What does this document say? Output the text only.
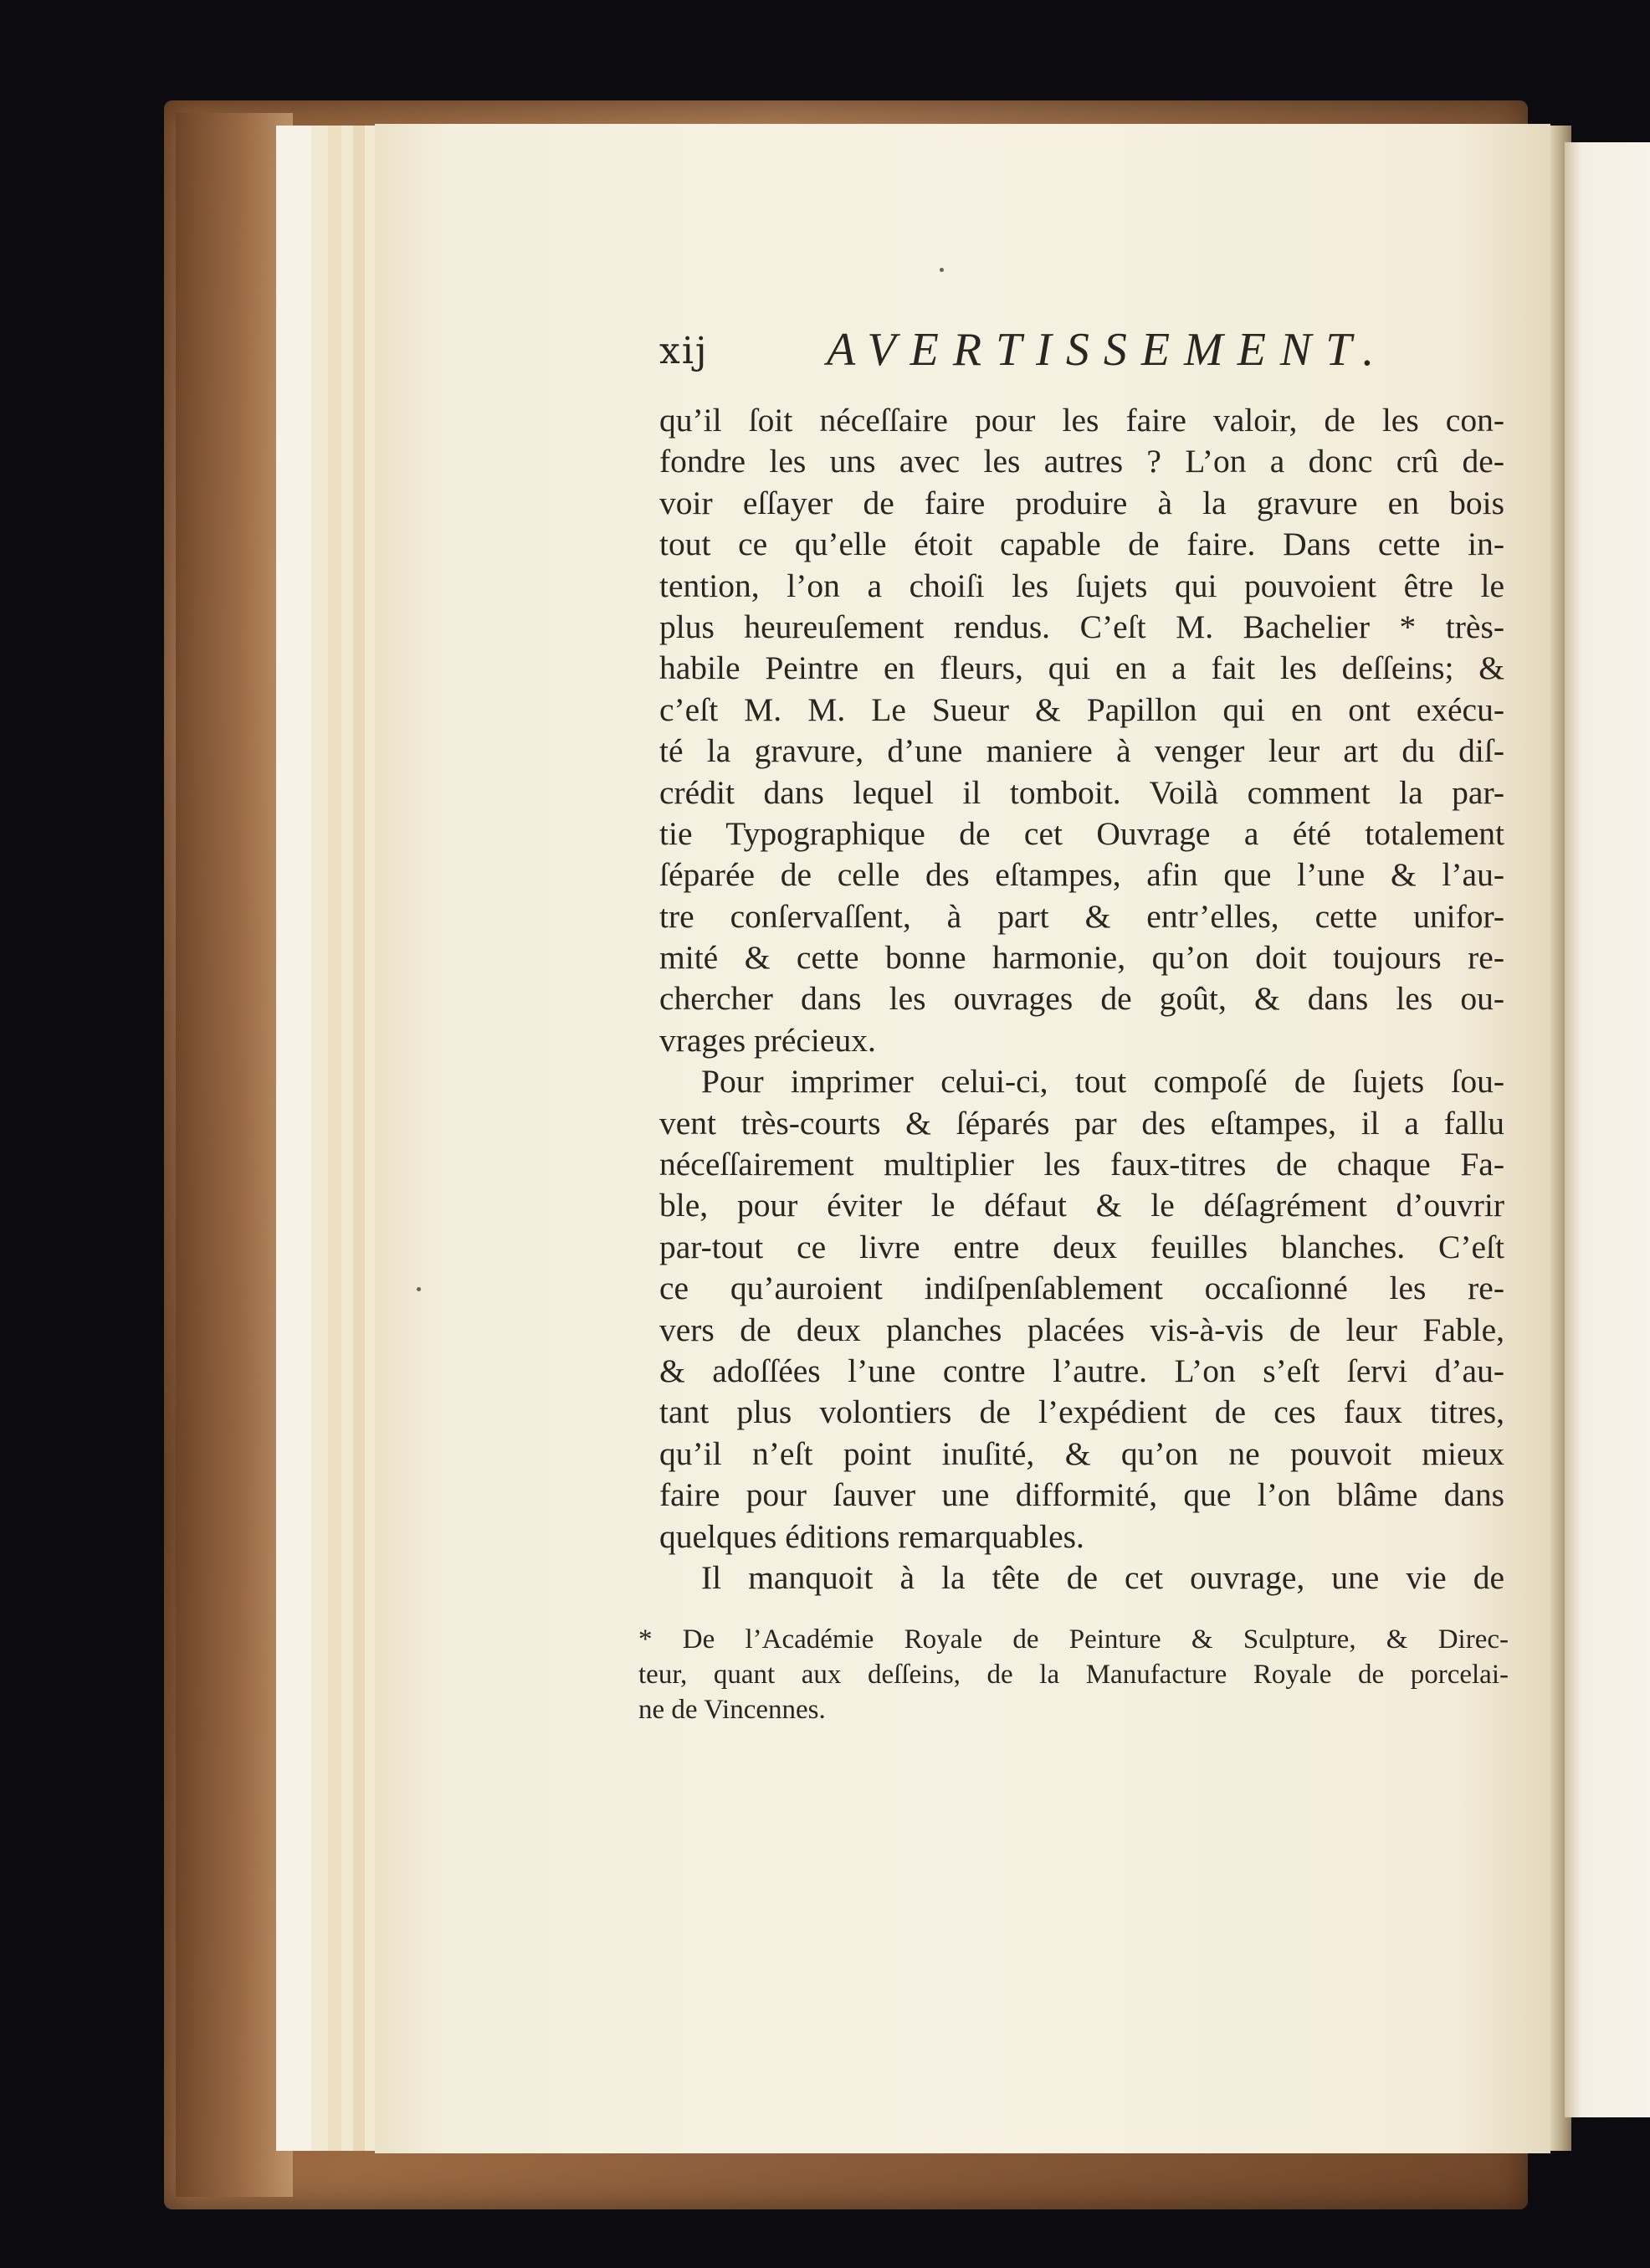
xij	AVERTISSEMENT.
qu’il ſoit néceſſaire pour les faire valoir, de les con-
fondre les uns avec les autres ? L’on a donc crû de-
voir eſſayer de faire produire à la gravure en bois
tout ce qu’elle étoit capable de faire. Dans cette in-
tention, l’on a choiſi les ſujets qui pouvoient être le
plus heureuſement rendus. C’eſt M. Bachelier * très-
habile Peintre en fleurs, qui en a fait les deſſeins; &
c’eſt M. M. Le Sueur & Papillon qui en ont exécu-
té la gravure, d’une maniere à venger leur art du diſ-
crédit dans lequel il tomboit. Voilà comment la par-
tie Typographique de cet Ouvrage a été totalement
ſéparée de celle des eſtampes, afin que l’une & l’au-
tre conſervaſſent, à part & entr’elles, cette unifor-
mité & cette bonne harmonie, qu’on doit toujours re-
chercher dans les ouvrages de goût, & dans les ou-
vrages précieux.
Pour imprimer celui-ci, tout compoſé de ſujets ſou-
vent très-courts & ſéparés par des eſtampes, il a fallu
néceſſairement multiplier les faux-titres de chaque Fa-
ble, pour éviter le défaut & le déſagrément d’ouvrir
par-tout ce livre entre deux feuilles blanches. C’eſt
ce qu’auroient indiſpenſablement occaſionné les re-
vers de deux planches placées vis-à-vis de leur Fable,
& adoſſées l’une contre l’autre. L’on s’eſt ſervi d’au-
tant plus volontiers de l’expédient de ces faux titres,
qu’il n’eſt point inuſité, & qu’on ne pouvoit mieux
faire pour ſauver une difformité, que l’on blâme dans
quelques éditions remarquables.
Il manquoit à la tête de cet ouvrage, une vie de
* De l’Académie Royale de Peinture & Sculpture, & Direc-
teur, quant aux deſſeins, de la Manufacture Royale de porcelai-
ne de Vincennes.
